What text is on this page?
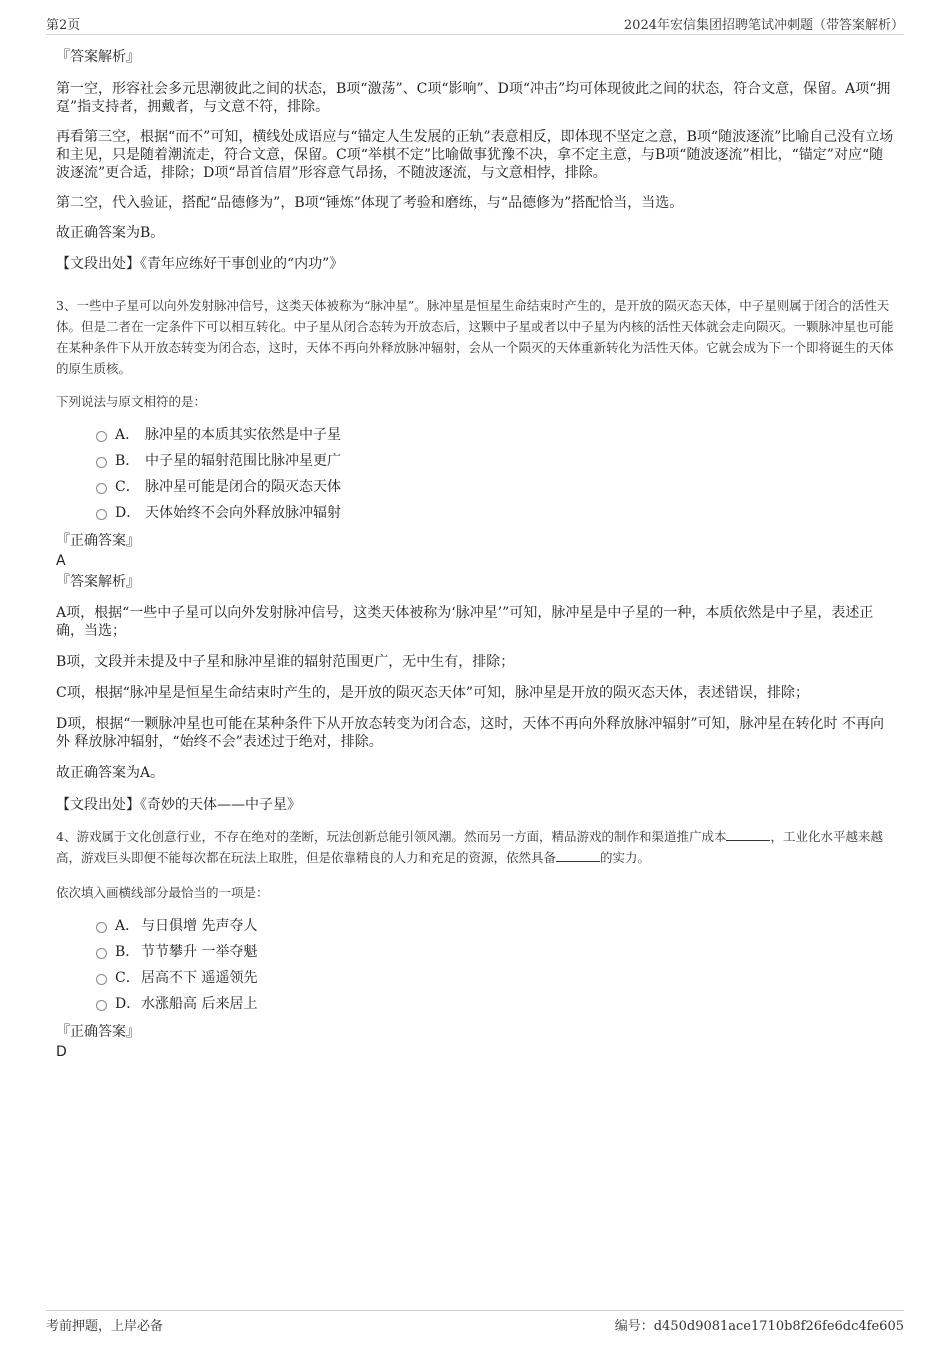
第2页	2024年宏信集团招聘笔试冲刺题（带答案解析）

『答案解析』

第一空，形容社会多元思潮彼此之间的状态，B项“激荡”、C项“影响”、D项“冲击”均可体现彼此之间的状态，符合文意，保留。A项“拥趸”指支持者，拥戴者，与文意不符，排除。

再看第三空，根据“而不”可知，横线处成语应与“锚定人生发展的正轨”表意相反，即体现不坚定之意，B项“随波逐流”比喻自己没有立场和主见，只是随着潮流走，符合文意，保留。C项“举棋不定”比喻做事犹豫不决，拿不定主意，与B项“随波逐流”相比，“锚定”对应“随波逐流”更合适，排除；D项“昂首信眉”形容意气昂扬，不随波逐流，与文意相悖，排除。

第二空，代入验证，搭配“品德修为”，B项“锤炼”体现了考验和磨练，与“品德修为”搭配恰当，当选。

故正确答案为B。

【文段出处】《青年应练好干事创业的“内功”》

3、一些中子星可以向外发射脉冲信号，这类天体被称为“脉冲星”。脉冲星是恒星生命结束时产生的，是开放的陨灭态天体，中子星则属于闭合的活性天体。但是二者在一定条件下可以相互转化。中子星从闭合态转为开放态后，这颗中子星或者以中子星为内核的活性天体就会走向陨灭。一颗脉冲星也可能在某种条件下从开放态转变为闭合态，这时，天体不再向外释放脉冲辐射，会从一个陨灭的天体重新转化为活性天体。它就会成为下一个即将诞生的天体的原生质核。

下列说法与原文相符的是：

A． 脉冲星的本质其实依然是中子星
B． 中子星的辐射范围比脉冲星更广
C． 脉冲星可能是闭合的陨灭态天体
D． 天体始终不会向外释放脉冲辐射

『正确答案』

A

『答案解析』

A项，根据“一些中子星可以向外发射脉冲信号，这类天体被称为‘脉冲星’”可知，脉冲星是中子星的一种，本质依然是中子星，表述正确，当选；

B项，文段并未提及中子星和脉冲星谁的辐射范围更广，无中生有，排除；

C项，根据“脉冲星是恒星生命结束时产生的，是开放的陨灭态天体”可知，脉冲星是开放的陨灭态天体，表述错误，排除；

D项，根据“一颗脉冲星也可能在某种条件下从开放态转变为闭合态，这时，天体不再向外释放脉冲辐射”可知，脉冲星在转化时 不再向外 释放脉冲辐射，“始终不会”表述过于绝对，排除。

故正确答案为A。

【文段出处】《奇妙的天体——中子星》

4、游戏属于文化创意行业，不存在绝对的垄断，玩法创新总能引领风潮。然而另一方面，精品游戏的制作和渠道推广成本	，工业化水平越来越高，游戏巨头即便不能每次都在玩法上取胜，但是依靠精良的人力和充足的资源，依然具备	的实力。

依次填入画横线部分最恰当的一项是：

A． 与日俱增 先声夺人
B． 节节攀升 一举夺魁
C．居高不下 遥遥领先
D．水涨船高 后来居上

『正确答案』

D

考前押题，上岸必备	编号：d450d9081ace1710b8f26fe6dc4fe605
